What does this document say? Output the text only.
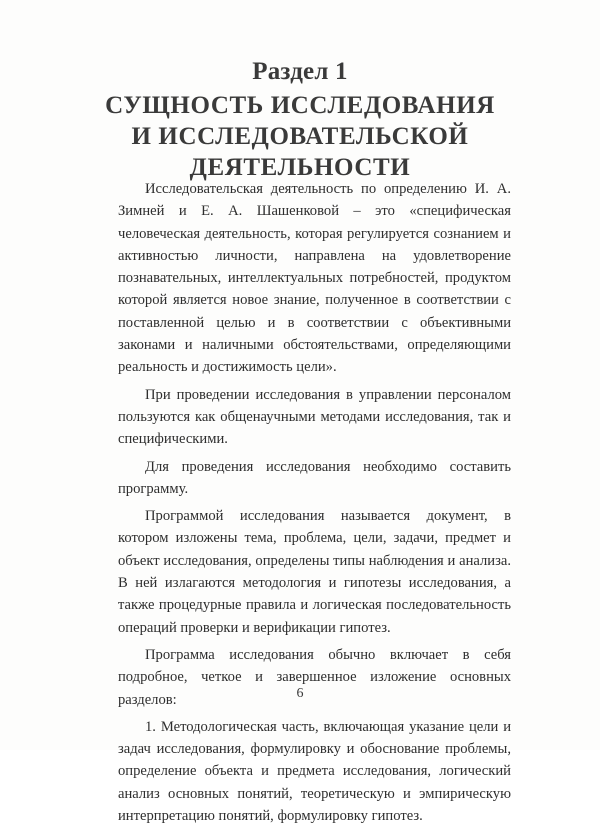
Раздел 1
СУЩНОСТЬ ИССЛЕДОВАНИЯ
И ИССЛЕДОВАТЕЛЬСКОЙ
ДЕЯТЕЛЬНОСТИ

Исследовательская деятельность по определению И. А. Зимней и Е. А. Шашенковой – это «специфическая человеческая деятельность, которая регулируется сознанием и активностью личности, направлена на удовлетворение познавательных, интеллектуальных потребностей, продуктом которой является новое знание, полученное в соответствии с поставленной целью и в соответствии с объективными законами и наличными обстоятельствами, определяющими реальность и достижимость цели».

При проведении исследования в управлении персоналом пользуются как общенаучными методами исследования, так и специфическими.

Для проведения исследования необходимо составить программу.

Программой исследования называется документ, в котором изложены тема, проблема, цели, задачи, предмет и объект исследования, определены типы наблюдения и анализа. В ней излагаются методология и гипотезы исследования, а также процедурные правила и логическая последовательность операций проверки и верификации гипотез.

Программа исследования обычно включает в себя подробное, четкое и завершенное изложение основных разделов:

1. Методологическая часть, включающая указание цели и задач исследования, формулировку и обоснование проблемы, определение объекта и предмета исследования, логический анализ основных понятий, теоретическую и эмпирическую интерпретацию понятий, формулировку гипотез.

6
